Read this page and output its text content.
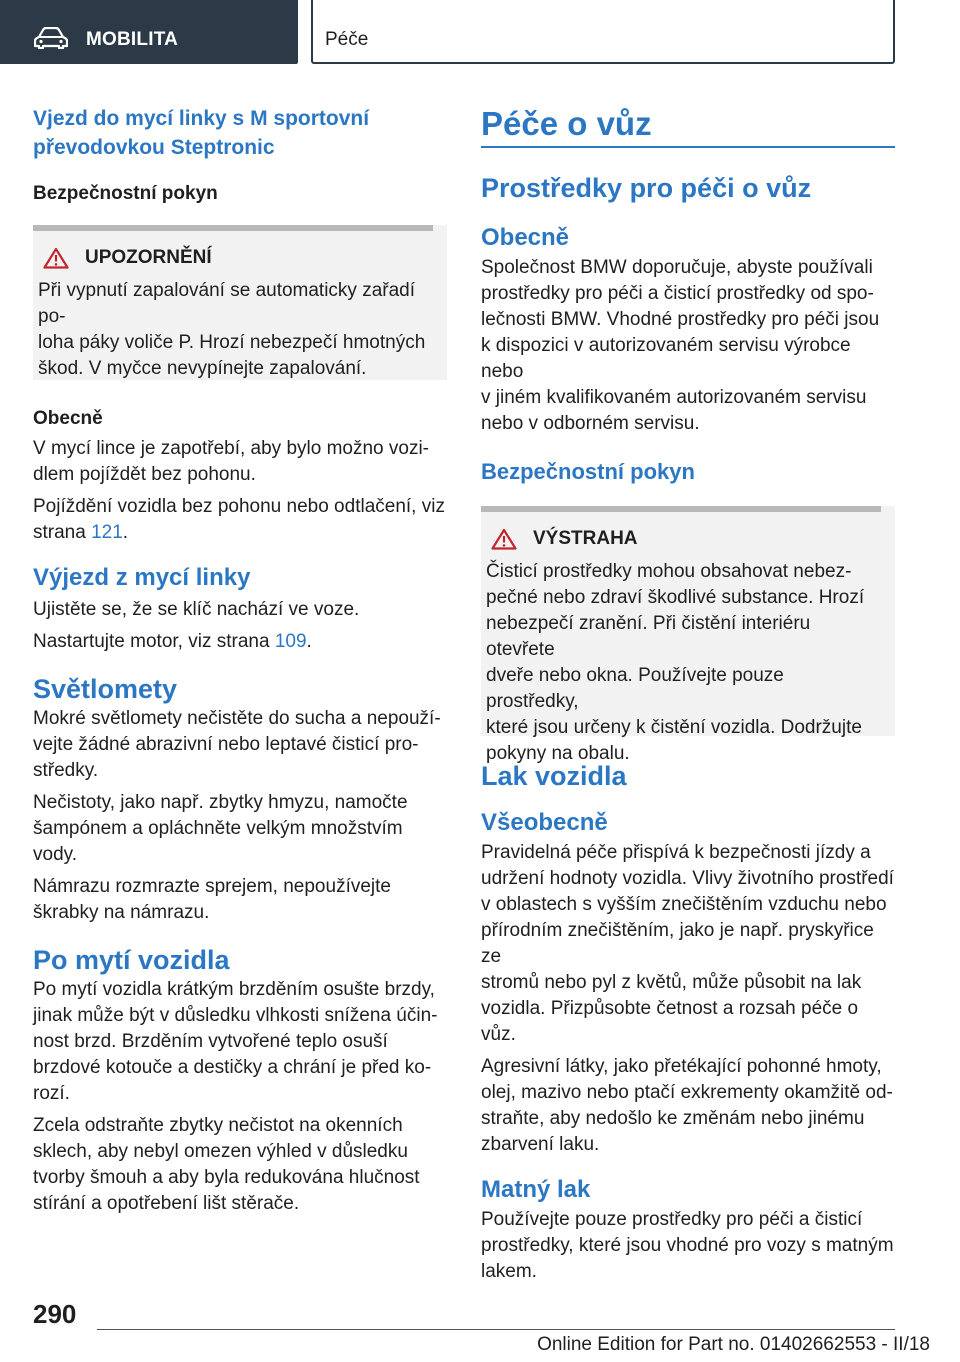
MOBILITA	Péče
Vjezd do mycí linky s M sportovní převodovkou Steptronic
Bezpečnostní pokyn
UPOZORNĚNÍ
Při vypnutí zapalování se automaticky zařadí po-
loha páky voliče P. Hrozí nebezpečí hmotných
škod. V myčce nevypínejte zapalování.
Obecně

V mycí lince je zapotřebí, aby bylo možno vozi-
dlem pojíždět bez pohonu.

Pojíždění vozidla bez pohonu nebo odtlačení, viz
strana 121.

Výjezd z mycí linky

Ujistěte se, že se klíč nachází ve voze.

Nastartujte motor, viz strana 109.

Světlomety

Mokré světlomety nečistěte do sucha a nepouží-
vejte žádné abrazivní nebo leptavé čisticí pro-
středky.

Nečistoty, jako např. zbytky hmyzu, namočte
šampónem a opláchněte velkým množstvím
vody.

Námrazu rozmrazte sprejem, nepoužívejte
škrabky na námrazu.

Po mytí vozidla

Po mytí vozidla krátkým brzděním osušte brzdy,
jinak může být v důsledku vlhkosti snížena účin-
nost brzd. Brzděním vytvořené teplo osuší
brzdové kotouče a destičky a chrání je před ko-
rozí.

Zcela odstraňte zbytky nečistot na okenních
sklech, aby nebyl omezen výhled v důsledku
tvorby šmouh a aby byla redukována hlučnost
stírání a opotřebení lišt stěrače.

Péče o vůz
Prostředky pro péči o vůz
Obecně

Společnost BMW doporučuje, abyste používali
prostředky pro péči a čisticí prostředky od spo-
lečnosti BMW. Vhodné prostředky pro péči jsou
k dispozici v autorizovaném servisu výrobce nebo
v jiném kvalifikovaném autorizovaném servisu
nebo v odborném servisu.

Bezpečnostní pokyn
VÝSTRAHA
Čisticí prostředky mohou obsahovat nebez-
pečné nebo zdraví škodlivé substance. Hrozí
nebezpečí zranění. Při čistění interiéru otevřete
dveře nebo okna. Používejte pouze prostředky,
které jsou určeny k čistění vozidla. Dodržujte
pokyny na obalu.
Lak vozidla
Všeobecně

Pravidelná péče přispívá k bezpečnosti jízdy a
udržení hodnoty vozidla. Vlivy životního prostředí
v oblastech s vyšším znečištěním vzduchu nebo
přírodním znečištěním, jako je např. pryskyřice ze
stromů nebo pyl z květů, může působit na lak
vozidla. Přizpůsobte četnost a rozsah péče o vůz.

Agresivní látky, jako přetékající pohonné hmoty,
olej, mazivo nebo ptačí exkrementy okamžitě od-
straňte, aby nedošlo ke změnám nebo jinému
zbarvení laku.

Matný lak

Používejte pouze prostředky pro péči a čisticí
prostředky, které jsou vhodné pro vozy s matným
lakem.

290
Online Edition for Part no. 01402662553 - II/18
